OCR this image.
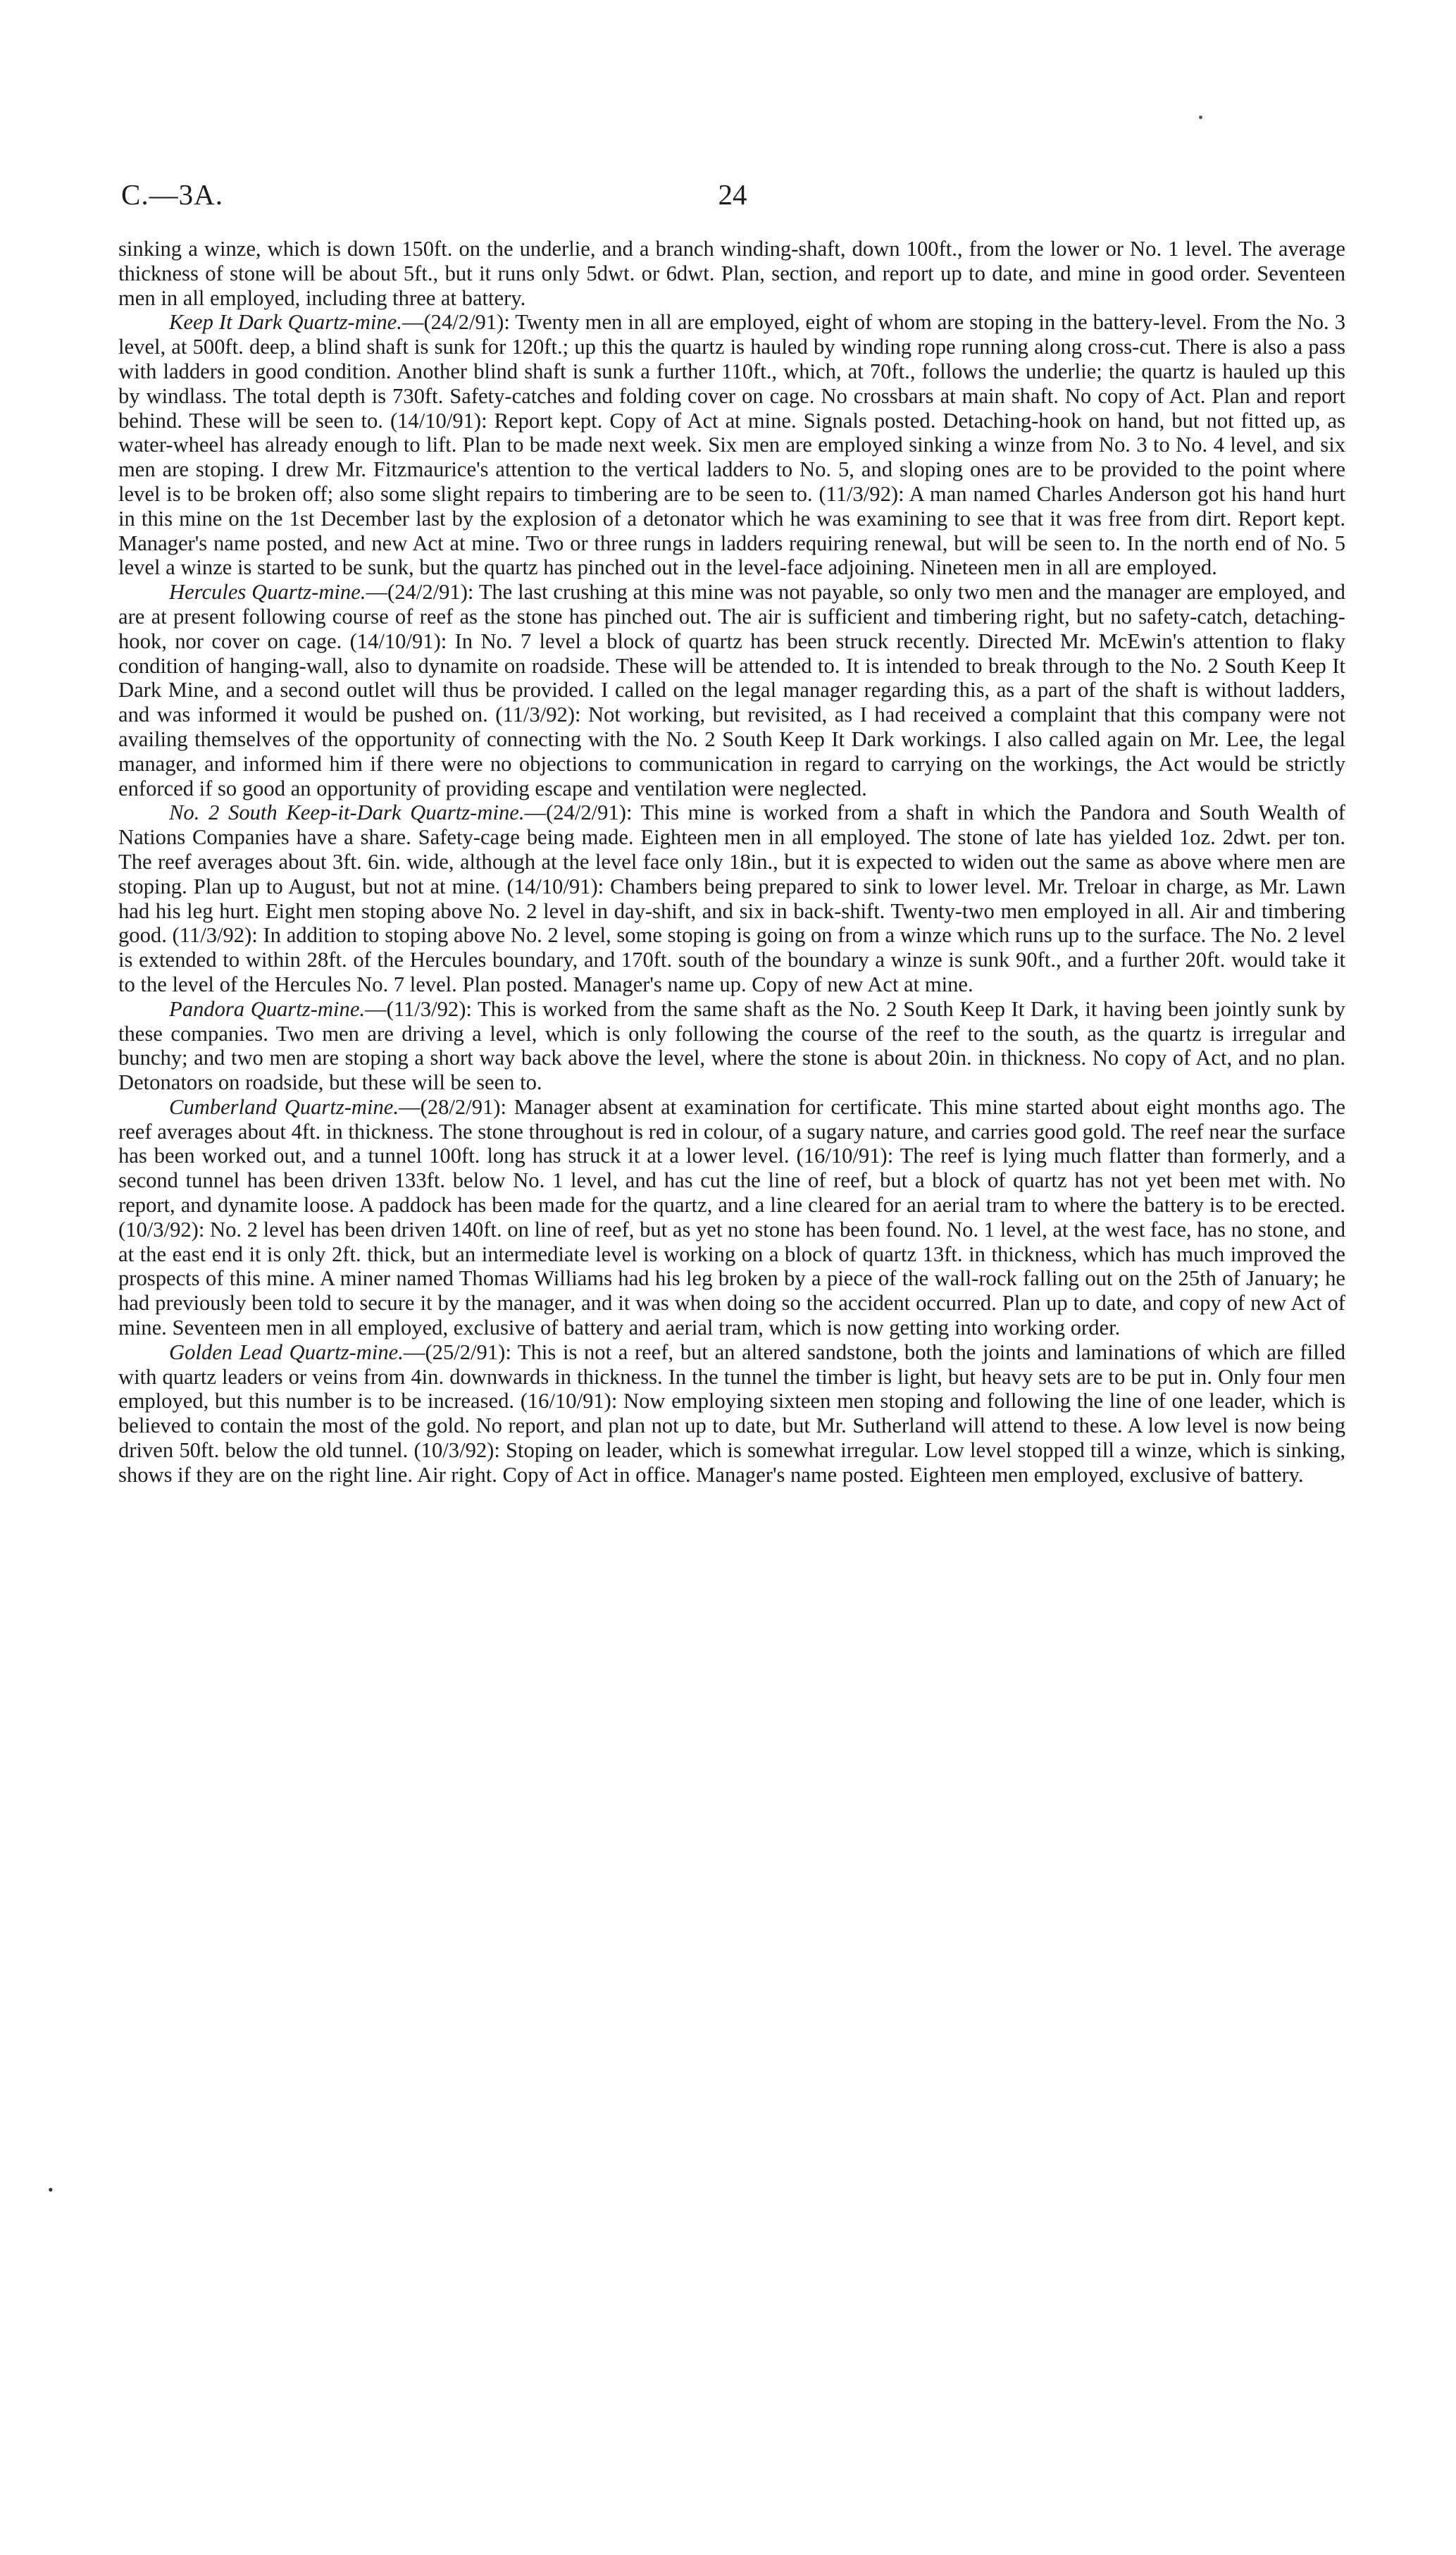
C.—3A.	24
•

sinking a winze, which is down 150ft. on the underlie, and a branch winding-shaft, down 100ft., from the lower or No. 1 level. The average thickness of stone will be about 5ft., but it runs only 5dwt. or 6dwt. Plan, section, and report up to date, and mine in good order. Seventeen men in all employed, including three at battery.

Keep It Dark Quartz-mine.—(24/2/91): Twenty men in all are employed, eight of whom are stoping in the battery-level. From the No. 3 level, at 500ft. deep, a blind shaft is sunk for 120ft.; up this the quartz is hauled by winding rope running along cross-cut. There is also a pass with ladders in good condition. Another blind shaft is sunk a further 110ft., which, at 70ft., follows the underlie; the quartz is hauled up this by windlass. The total depth is 730ft. Safety-catches and folding cover on cage. No crossbars at main shaft. No copy of Act. Plan and report behind. These will be seen to. (14/10/91): Report kept. Copy of Act at mine. Signals posted. Detaching-hook on hand, but not fitted up, as water-wheel has already enough to lift. Plan to be made next week. Six men are employed sinking a winze from No. 3 to No. 4 level, and six men are stoping. I drew Mr. Fitzmaurice's attention to the vertical ladders to No. 5, and sloping ones are to be provided to the point where level is to be broken off; also some slight repairs to timbering are to be seen to. (11/3/92): A man named Charles Anderson got his hand hurt in this mine on the 1st December last by the explosion of a detonator which he was examining to see that it was free from dirt. Report kept. Manager's name posted, and new Act at mine. Two or three rungs in ladders requiring renewal, but will be seen to. In the north end of No. 5 level a winze is started to be sunk, but the quartz has pinched out in the level-face adjoining. Nineteen men in all are employed.

Hercules Quartz-mine.—(24/2/91): The last crushing at this mine was not payable, so only two men and the manager are employed, and are at present following course of reef as the stone has pinched out. The air is sufficient and timbering right, but no safety-catch, detaching-hook, nor cover on cage. (14/10/91): In No. 7 level a block of quartz has been struck recently. Directed Mr. McEwin's attention to flaky condition of hanging-wall, also to dynamite on roadside. These will be attended to. It is intended to break through to the No. 2 South Keep It Dark Mine, and a second outlet will thus be provided. I called on the legal manager regarding this, as a part of the shaft is without ladders, and was informed it would be pushed on. (11/3/92): Not working, but revisited, as I had received a complaint that this company were not availing themselves of the opportunity of connecting with the No. 2 South Keep It Dark workings. I also called again on Mr. Lee, the legal manager, and informed him if there were no objections to communication in regard to carrying on the workings, the Act would be strictly enforced if so good an opportunity of providing escape and ventilation were neglected.

No. 2 South Keep-it-Dark Quartz-mine.—(24/2/91): This mine is worked from a shaft in which the Pandora and South Wealth of Nations Companies have a share. Safety-cage being made. Eighteen men in all employed. The stone of late has yielded 1oz. 2dwt. per ton. The reef averages about 3ft. 6in. wide, although at the level face only 18in., but it is expected to widen out the same as above where men are stoping. Plan up to August, but not at mine. (14/10/91): Chambers being prepared to sink to lower level. Mr. Treloar in charge, as Mr. Lawn had his leg hurt. Eight men stoping above No. 2 level in day-shift, and six in back-shift. Twenty-two men employed in all. Air and timbering good. (11/3/92): In addition to stoping above No. 2 level, some stoping is going on from a winze which runs up to the surface. The No. 2 level is extended to within 28ft. of the Hercules boundary, and 170ft. south of the boundary a winze is sunk 90ft., and a further 20ft. would take it to the level of the Hercules No. 7 level. Plan posted. Manager's name up. Copy of new Act at mine.

Pandora Quartz-mine.—(11/3/92): This is worked from the same shaft as the No. 2 South Keep It Dark, it having been jointly sunk by these companies. Two men are driving a level, which is only following the course of the reef to the south, as the quartz is irregular and bunchy; and two men are stoping a short way back above the level, where the stone is about 20in. in thickness. No copy of Act, and no plan. Detonators on roadside, but these will be seen to.

Cumberland Quartz-mine.—(28/2/91): Manager absent at examination for certificate. This mine started about eight months ago. The reef averages about 4ft. in thickness. The stone throughout is red in colour, of a sugary nature, and carries good gold. The reef near the surface has been worked out, and a tunnel 100ft. long has struck it at a lower level. (16/10/91): The reef is lying much flatter than formerly, and a second tunnel has been driven 133ft. below No. 1 level, and has cut the line of reef, but a block of quartz has not yet been met with. No report, and dynamite loose. A paddock has been made for the quartz, and a line cleared for an aerial tram to where the battery is to be erected. (10/3/92): No. 2 level has been driven 140ft. on line of reef, but as yet no stone has been found. No. 1 level, at the west face, has no stone, and at the east end it is only 2ft. thick, but an intermediate level is working on a block of quartz 13ft. in thickness, which has much improved the prospects of this mine. A miner named Thomas Williams had his leg broken by a piece of the wall-rock falling out on the 25th of January; he had previously been told to secure it by the manager, and it was when doing so the accident occurred. Plan up to date, and copy of new Act of mine. Seventeen men in all employed, exclusive of battery and aerial tram, which is now getting into working order.

Golden Lead Quartz-mine.—(25/2/91): This is not a reef, but an altered sandstone, both the joints and laminations of which are filled with quartz leaders or veins from 4in. downwards in thickness. In the tunnel the timber is light, but heavy sets are to be put in. Only four men employed, but this number is to be increased. (16/10/91): Now employing sixteen men stoping and following the line of one leader, which is believed to contain the most of the gold. No report, and plan not up to date, but Mr. Sutherland will attend to these. A low level is now being driven 50ft. below the old tunnel. (10/3/92): Stoping on leader, which is somewhat irregular. Low level stopped till a winze, which is sinking, shows if they are on the right line. Air right. Copy of Act in office. Manager's name posted. Eighteen men employed, exclusive of battery.
